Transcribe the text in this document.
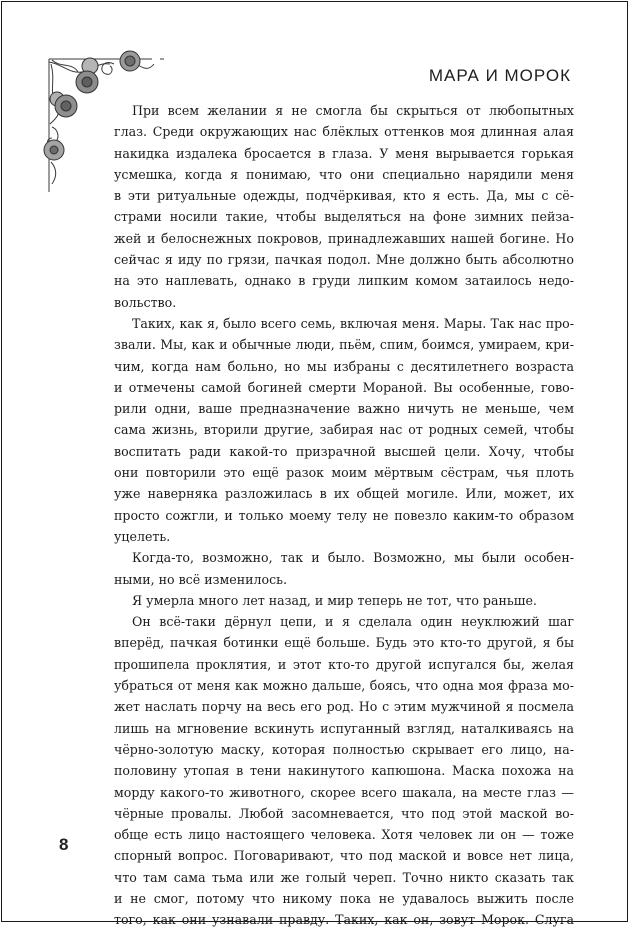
МАРА И МОРОК
При всем желании я не смогла бы скрыться от любопытных
глаз. Среди окружающих нас блёклых оттенков моя длинная алая
накидка издалека бросается в глаза. У меня вырывается горькая
усмешка, когда я понимаю, что они специально нарядили меня
в эти ритуальные одежды, подчёркивая, кто я есть. Да, мы с сё-
страми носили такие, чтобы выделяться на фоне зимних пейза-
жей и белоснежных покровов, принадлежавших нашей богине. Но
сейчас я иду по грязи, пачкая подол. Мне должно быть абсолютно
на это наплевать, однако в груди липким комом затаилось недо-
вольство.
Таких, как я, было всего семь, включая меня. Мары. Так нас про-
звали. Мы, как и обычные люди, пьём, спим, боимся, умираем, кри-
чим, когда нам больно, но мы избраны с десятилетнего возраста
и отмечены самой богиней смерти Мораной. Вы особенные, гово-
рили одни, ваше предназначение важно ничуть не меньше, чем
сама жизнь, вторили другие, забирая нас от родных семей, чтобы
воспитать ради какой-то призрачной высшей цели. Хочу, чтобы
они повторили это ещё разок моим мёртвым сёстрам, чья плоть
уже наверняка разложилась в их общей могиле. Или, может, их
просто сожгли, и только моему телу не повезло каким-то образом
уцелеть.
Когда-то, возможно, так и было. Возможно, мы были особен-
ными, но всё изменилось.
Я умерла много лет назад, и мир теперь не тот, что раньше.
Он всё-таки дёрнул цепи, и я сделала один неуклюжий шаг
вперёд, пачкая ботинки ещё больше. Будь это кто-то другой, я бы
прошипела проклятия, и этот кто-то другой испугался бы, желая
убраться от меня как можно дальше, боясь, что одна моя фраза мо-
жет наслать порчу на весь его род. Но с этим мужчиной я посмела
лишь на мгновение вскинуть испуганный взгляд, наталкиваясь на
чёрно-золотую маску, которая полностью скрывает его лицо, на-
половину утопая в тени накинутого капюшона. Маска похожа на
морду какого-то животного, скорее всего шакала, на месте глаз —
чёрные провалы. Любой засомневается, что под этой маской во-
обще есть лицо настоящего человека. Хотя человек ли он — тоже
спорный вопрос. Поговаривают, что под маской и вовсе нет лица,
что там сама тьма или же голый череп. Точно никто сказать так
и не смог, потому что никому пока не удавалось выжить после
того, как они узнавали правду. Таких, как он, зовут Морок. Слуга
8
